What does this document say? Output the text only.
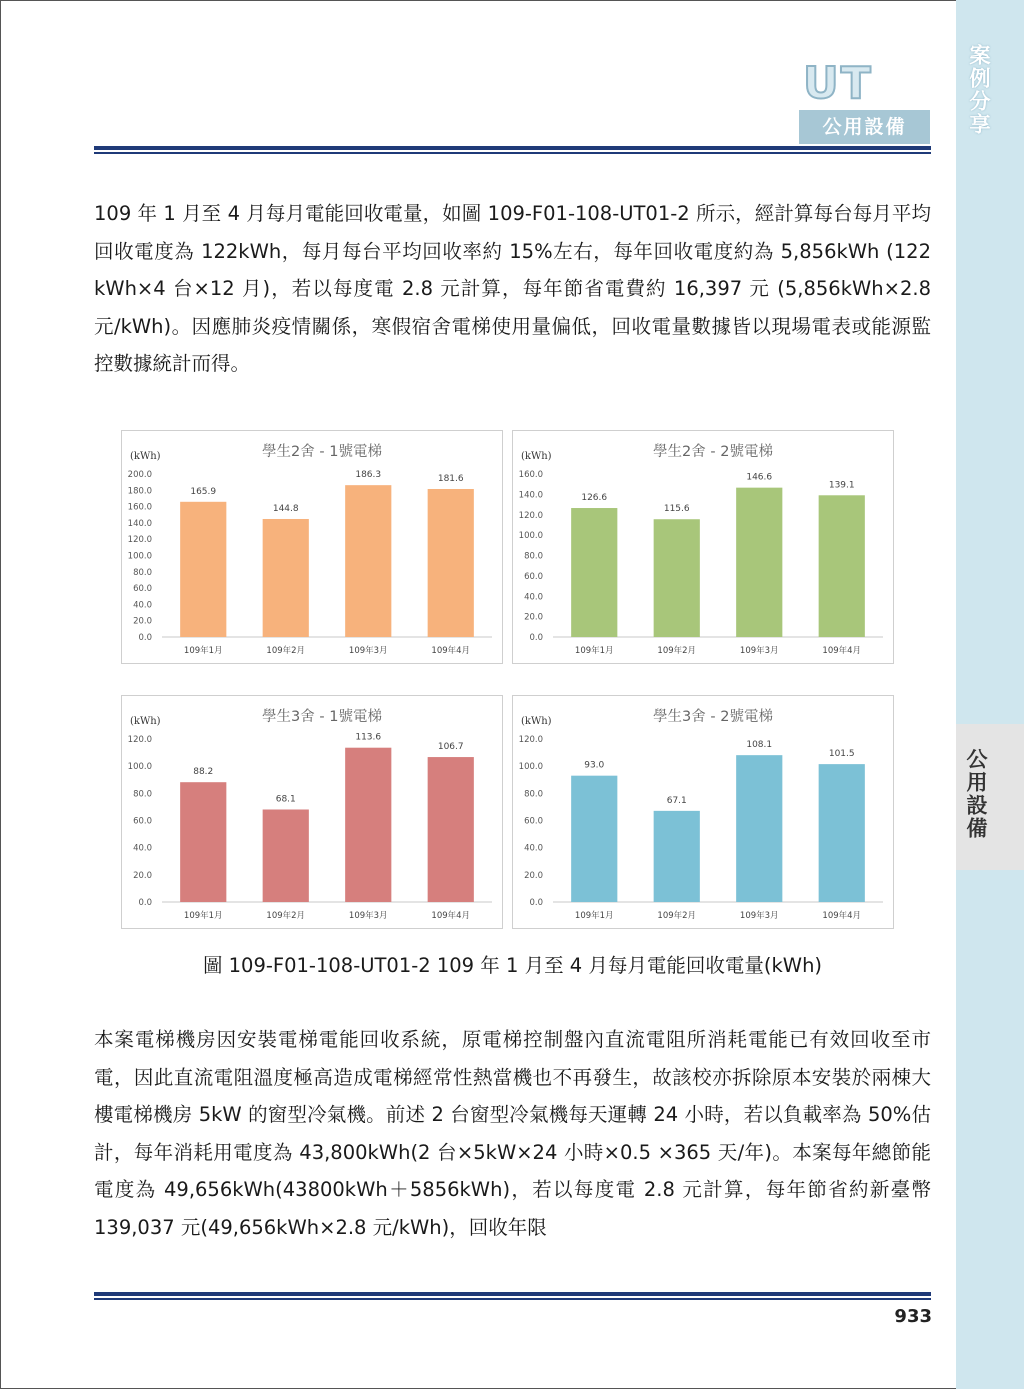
案例分享
公用設備
UT
公用設備

109 年 1 月至 4 月每月電能回收電量，如圖 109-F01-108-UT01-2 所示，經計算每台每月平均回收電度為 122kWh，每月每台平均回收率約 15%左右，每年回收電度約為 5,856kWh (122 kWh×4 台×12 月)，若以每度電 2.8 元計算，每年節省電費約 16,397 元 (5,856kWh×2.8 元/kWh)。因應肺炎疫情關係，寒假宿舍電梯使用量偏低，回收電量數據皆以現場電表或能源監控數據統計而得。

學生2舍 - 1號電梯
(kWh)
0.0
20.0
40.0
60.0
80.0
100.0
120.0
140.0
160.0
180.0
200.0
165.9
109年1月
144.8
109年2月
186.3
109年3月
181.6
109年4月
學生2舍 - 2號電梯
(kWh)
0.0
20.0
40.0
60.0
80.0
100.0
120.0
140.0
160.0
126.6
109年1月
115.6
109年2月
146.6
109年3月
139.1
109年4月
學生3舍 - 1號電梯
(kWh)
0.0
20.0
40.0
60.0
80.0
100.0
120.0
88.2
109年1月
68.1
109年2月
113.6
109年3月
106.7
109年4月
學生3舍 - 2號電梯
(kWh)
0.0
20.0
40.0
60.0
80.0
100.0
120.0
93.0
109年1月
67.1
109年2月
108.1
109年3月
101.5
109年4月
圖 109-F01-108-UT01-2 109 年 1 月至 4 月每月電能回收電量(kWh)

本案電梯機房因安裝電梯電能回收系統，原電梯控制盤內直流電阻所消耗電能已有效回收至市電，因此直流電阻溫度極高造成電梯經常性熱當機也不再發生，故該校亦拆除原本安裝於兩棟大樓電梯機房 5kW 的窗型冷氣機。前述 2 台窗型冷氣機每天運轉 24 小時，若以負載率為 50%估計，每年消耗用電度為 43,800kWh(2 台×5kW×24 小時×0.5 ×365 天/年)。本案每年總節能電度為 49,656kWh(43800kWh＋5856kWh)，若以每度電 2.8 元計算，每年節省約新臺幣 139,037 元(49,656kWh×2.8 元/kWh)，回收年限

933
